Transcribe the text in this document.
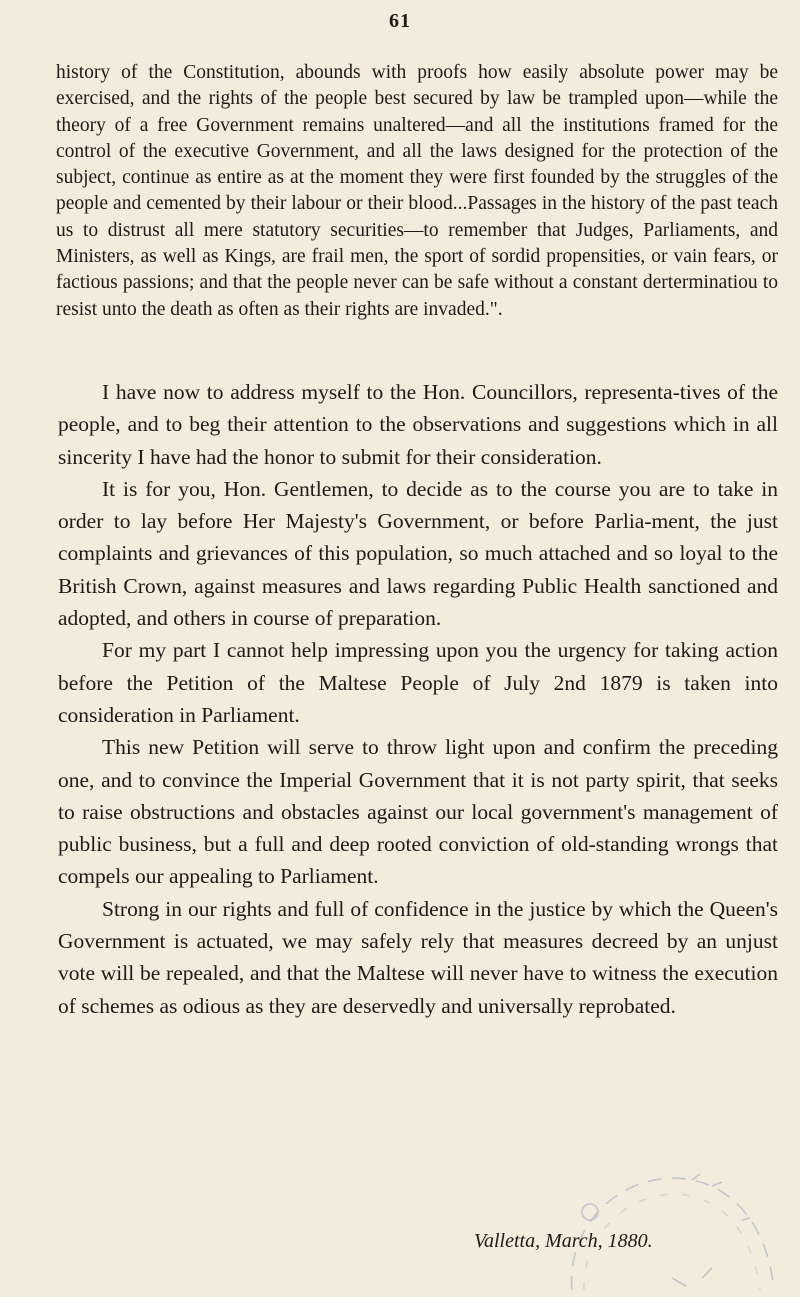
61

history of the Constitution, abounds with proofs how easily absolute power may be exercised, and the rights of the people best secured by law be trampled upon—while the theory of a free Government remains unaltered—and all the institutions framed for the control of the executive Government, and all the laws designed for the protection of the subject, continue as entire as at the moment they were first founded by the struggles of the people and cemented by their labour or their blood...Passages in the history of the past teach us to distrust all mere statutory securities—to remember that Judges, Parliaments, and Ministers, as well as Kings, are frail men, the sport of sordid propensities, or vain fears, or factious passions; and that the people never can be safe without a constant derterminatiou to resist unto the death as often as their rights are invaded.".

I have now to address myself to the Hon. Councillors, representa-tives of the people, and to beg their attention to the observations and suggestions which in all sincerity I have had the honor to submit for their consideration.

It is for you, Hon. Gentlemen, to decide as to the course you are to take in order to lay before Her Majesty's Government, or before Parlia-ment, the just complaints and grievances of this population, so much attached and so loyal to the British Crown, against measures and laws regarding Public Health sanctioned and adopted, and others in course of preparation.

For my part I cannot help impressing upon you the urgency for taking action before the Petition of the Maltese People of July 2nd 1879 is taken into consideration in Parliament.

This new Petition will serve to throw light upon and confirm the preceding one, and to convince the Imperial Government that it is not party spirit, that seeks to raise obstructions and obstacles against our local government's management of public business, but a full and deep rooted conviction of old-standing wrongs that compels our appealing to Parliament.

Strong in our rights and full of confidence in the justice by which the Queen's Government is actuated, we may safely rely that measures decreed by an unjust vote will be repealed, and that the Maltese will never have to witness the execution of schemes as odious as they are deservedly and universally reprobated.

Valletta, March, 1880.
